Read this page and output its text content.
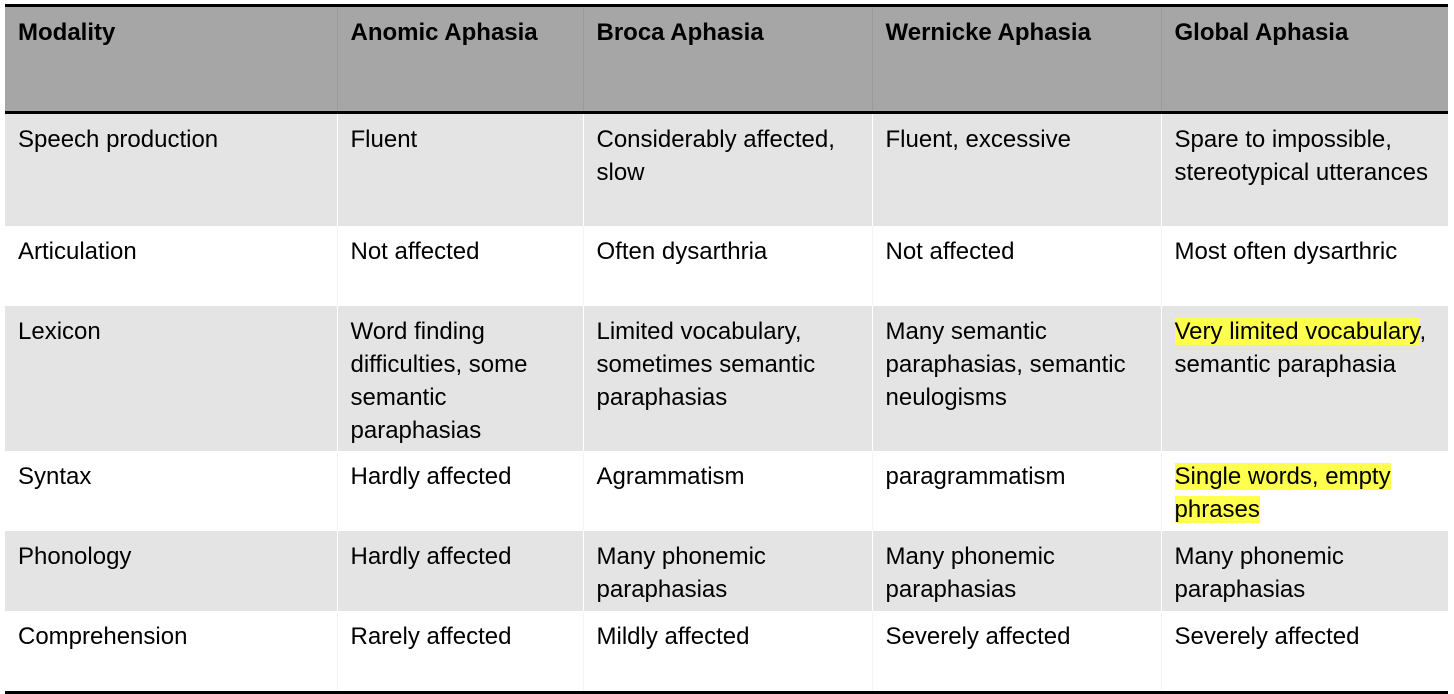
Modality	Anomic Aphasia	Broca Aphasia	Wernicke Aphasia	Global Aphasia
Speech production	Fluent	Considerably affected, slow	Fluent, excessive	Spare to impossible, stereotypical utterances
Articulation	Not affected	Often dysarthria	Not affected	Most often dysarthric
Lexicon	Word finding difficulties, some semantic paraphasias	Limited vocabulary, sometimes semantic paraphasias	Many semantic paraphasias, semantic neulogisms	Very limited vocabulary, semantic paraphasia
Syntax	Hardly affected	Agrammatism	paragrammatism	Single words, empty phrases
Phonology	Hardly affected	Many phonemic paraphasias	Many phonemic paraphasias	Many phonemic paraphasias
Comprehension	Rarely affected	Mildly affected	Severely affected	Severely affected
